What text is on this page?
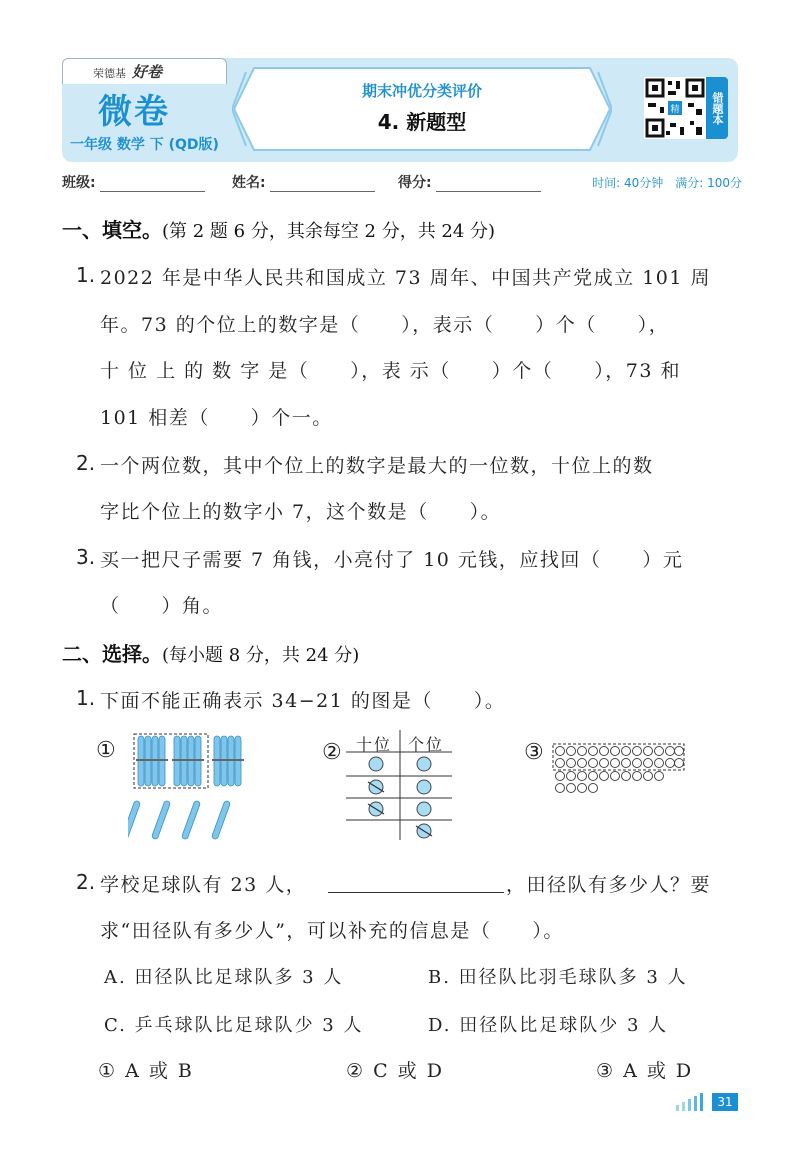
荣德基 好卷
微卷
一年级 数学 下 (QD版)
期末冲优分类评价
4. 新题型	精	错题本
班级:	姓名:	得分:	时间: 40分钟　满分: 100分
一、填空。(第 2 题 6 分，其余每空 2 分，共 24 分)
1. 2022 年是中华人民共和国成立 73 周年、中国共产党成立 101 周
年。73 的个位上的数字是（　　），表示（　　）个（　　），
十 位 上 的 数 字 是（　　），表 示（　　）个（　　），73 和
101 相差（　　）个一。
2. 一个两位数，其中个位上的数字是最大的一位数，十位上的数
字比个位上的数字小 7，这个数是（　　）。
3. 买一把尺子需要 7 角钱，小亮付了 10 元钱，应找回（　　）元
（　　）角。
二、选择。(每小题 8 分，共 24 分)
1. 下面不能正确表示 34−21 的图是（　　）。
①	② 十位 个位	③
2. 学校足球队有 23 人，	，田径队有多少人？要
求“田径队有多少人”，可以补充的信息是（　　）。
A. 田径队比足球队多 3 人	B. 田径队比羽毛球队多 3 人
C. 乒乓球队比足球队少 3 人	D. 田径队比足球队少 3 人
① A 或 B	② C 或 D	③ A 或 D
31
